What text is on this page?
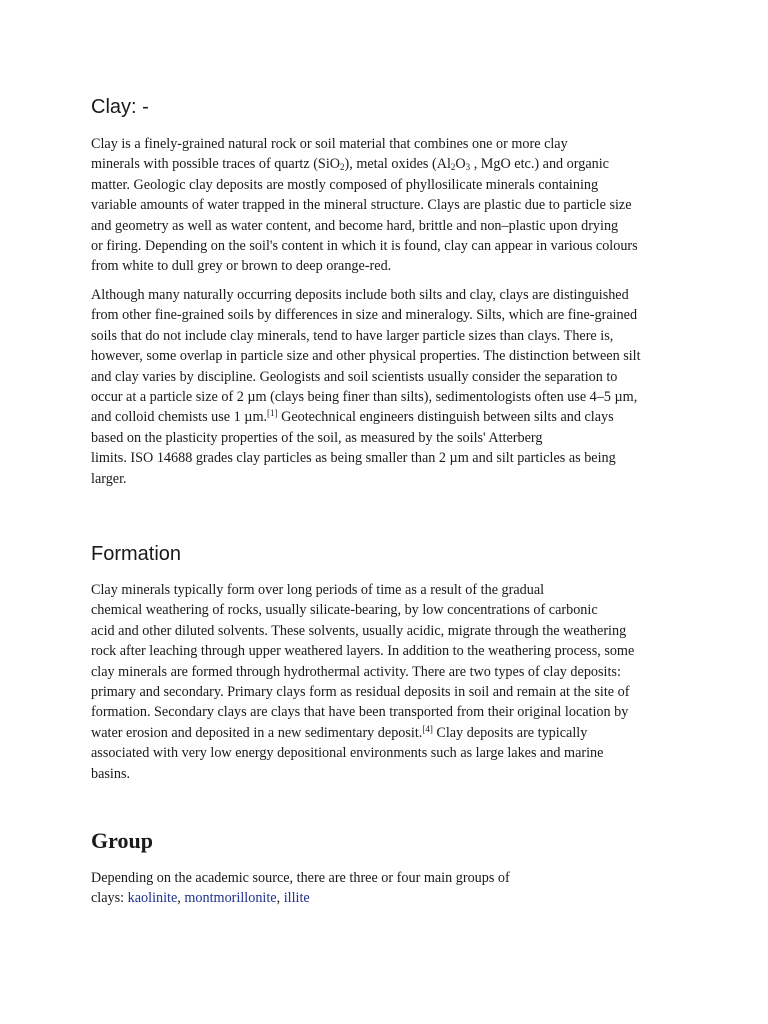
Clay: -

Clay is a finely-grained natural rock or soil material that combines one or more clay
minerals with possible traces of quartz (SiO$_2$), metal oxides ($Al_2O_3$ , MgO etc.) and organic
matter. Geologic clay deposits are mostly composed of phyllosilicate minerals containing
variable amounts of water trapped in the mineral structure. Clays are plastic due to particle size
and geometry as well as water content, and become hard, brittle and non–plastic upon drying
or firing. Depending on the soil's content in which it is found, clay can appear in various colours
from white to dull grey or brown to deep orange-red.

Although many naturally occurring deposits include both silts and clay, clays are distinguished
from other fine-grained soils by differences in size and mineralogy. Silts, which are fine-grained
soils that do not include clay minerals, tend to have larger particle sizes than clays. There is,
however, some overlap in particle size and other physical properties. The distinction between silt
and clay varies by discipline. Geologists and soil scientists usually consider the separation to
occur at a particle size of 2 µm (clays being finer than silts), sedimentologists often use 4–5 µm,
and colloid chemists use 1 µm.[1] Geotechnical engineers distinguish between silts and clays
based on the plasticity properties of the soil, as measured by the soils' Atterberg
limits. ISO 14688 grades clay particles as being smaller than 2 µm and silt particles as being
larger.

Formation

Clay minerals typically form over long periods of time as a result of the gradual
chemical weathering of rocks, usually silicate-bearing, by low concentrations of carbonic
acid and other diluted solvents. These solvents, usually acidic, migrate through the weathering
rock after leaching through upper weathered layers. In addition to the weathering process, some
clay minerals are formed through hydrothermal activity. There are two types of clay deposits:
primary and secondary. Primary clays form as residual deposits in soil and remain at the site of
formation. Secondary clays are clays that have been transported from their original location by
water erosion and deposited in a new sedimentary deposit.[4] Clay deposits are typically
associated with very low energy depositional environments such as large lakes and marine
basins.

Group

Depending on the academic source, there are three or four main groups of
clays: kaolinite, montmorillonite, illite
